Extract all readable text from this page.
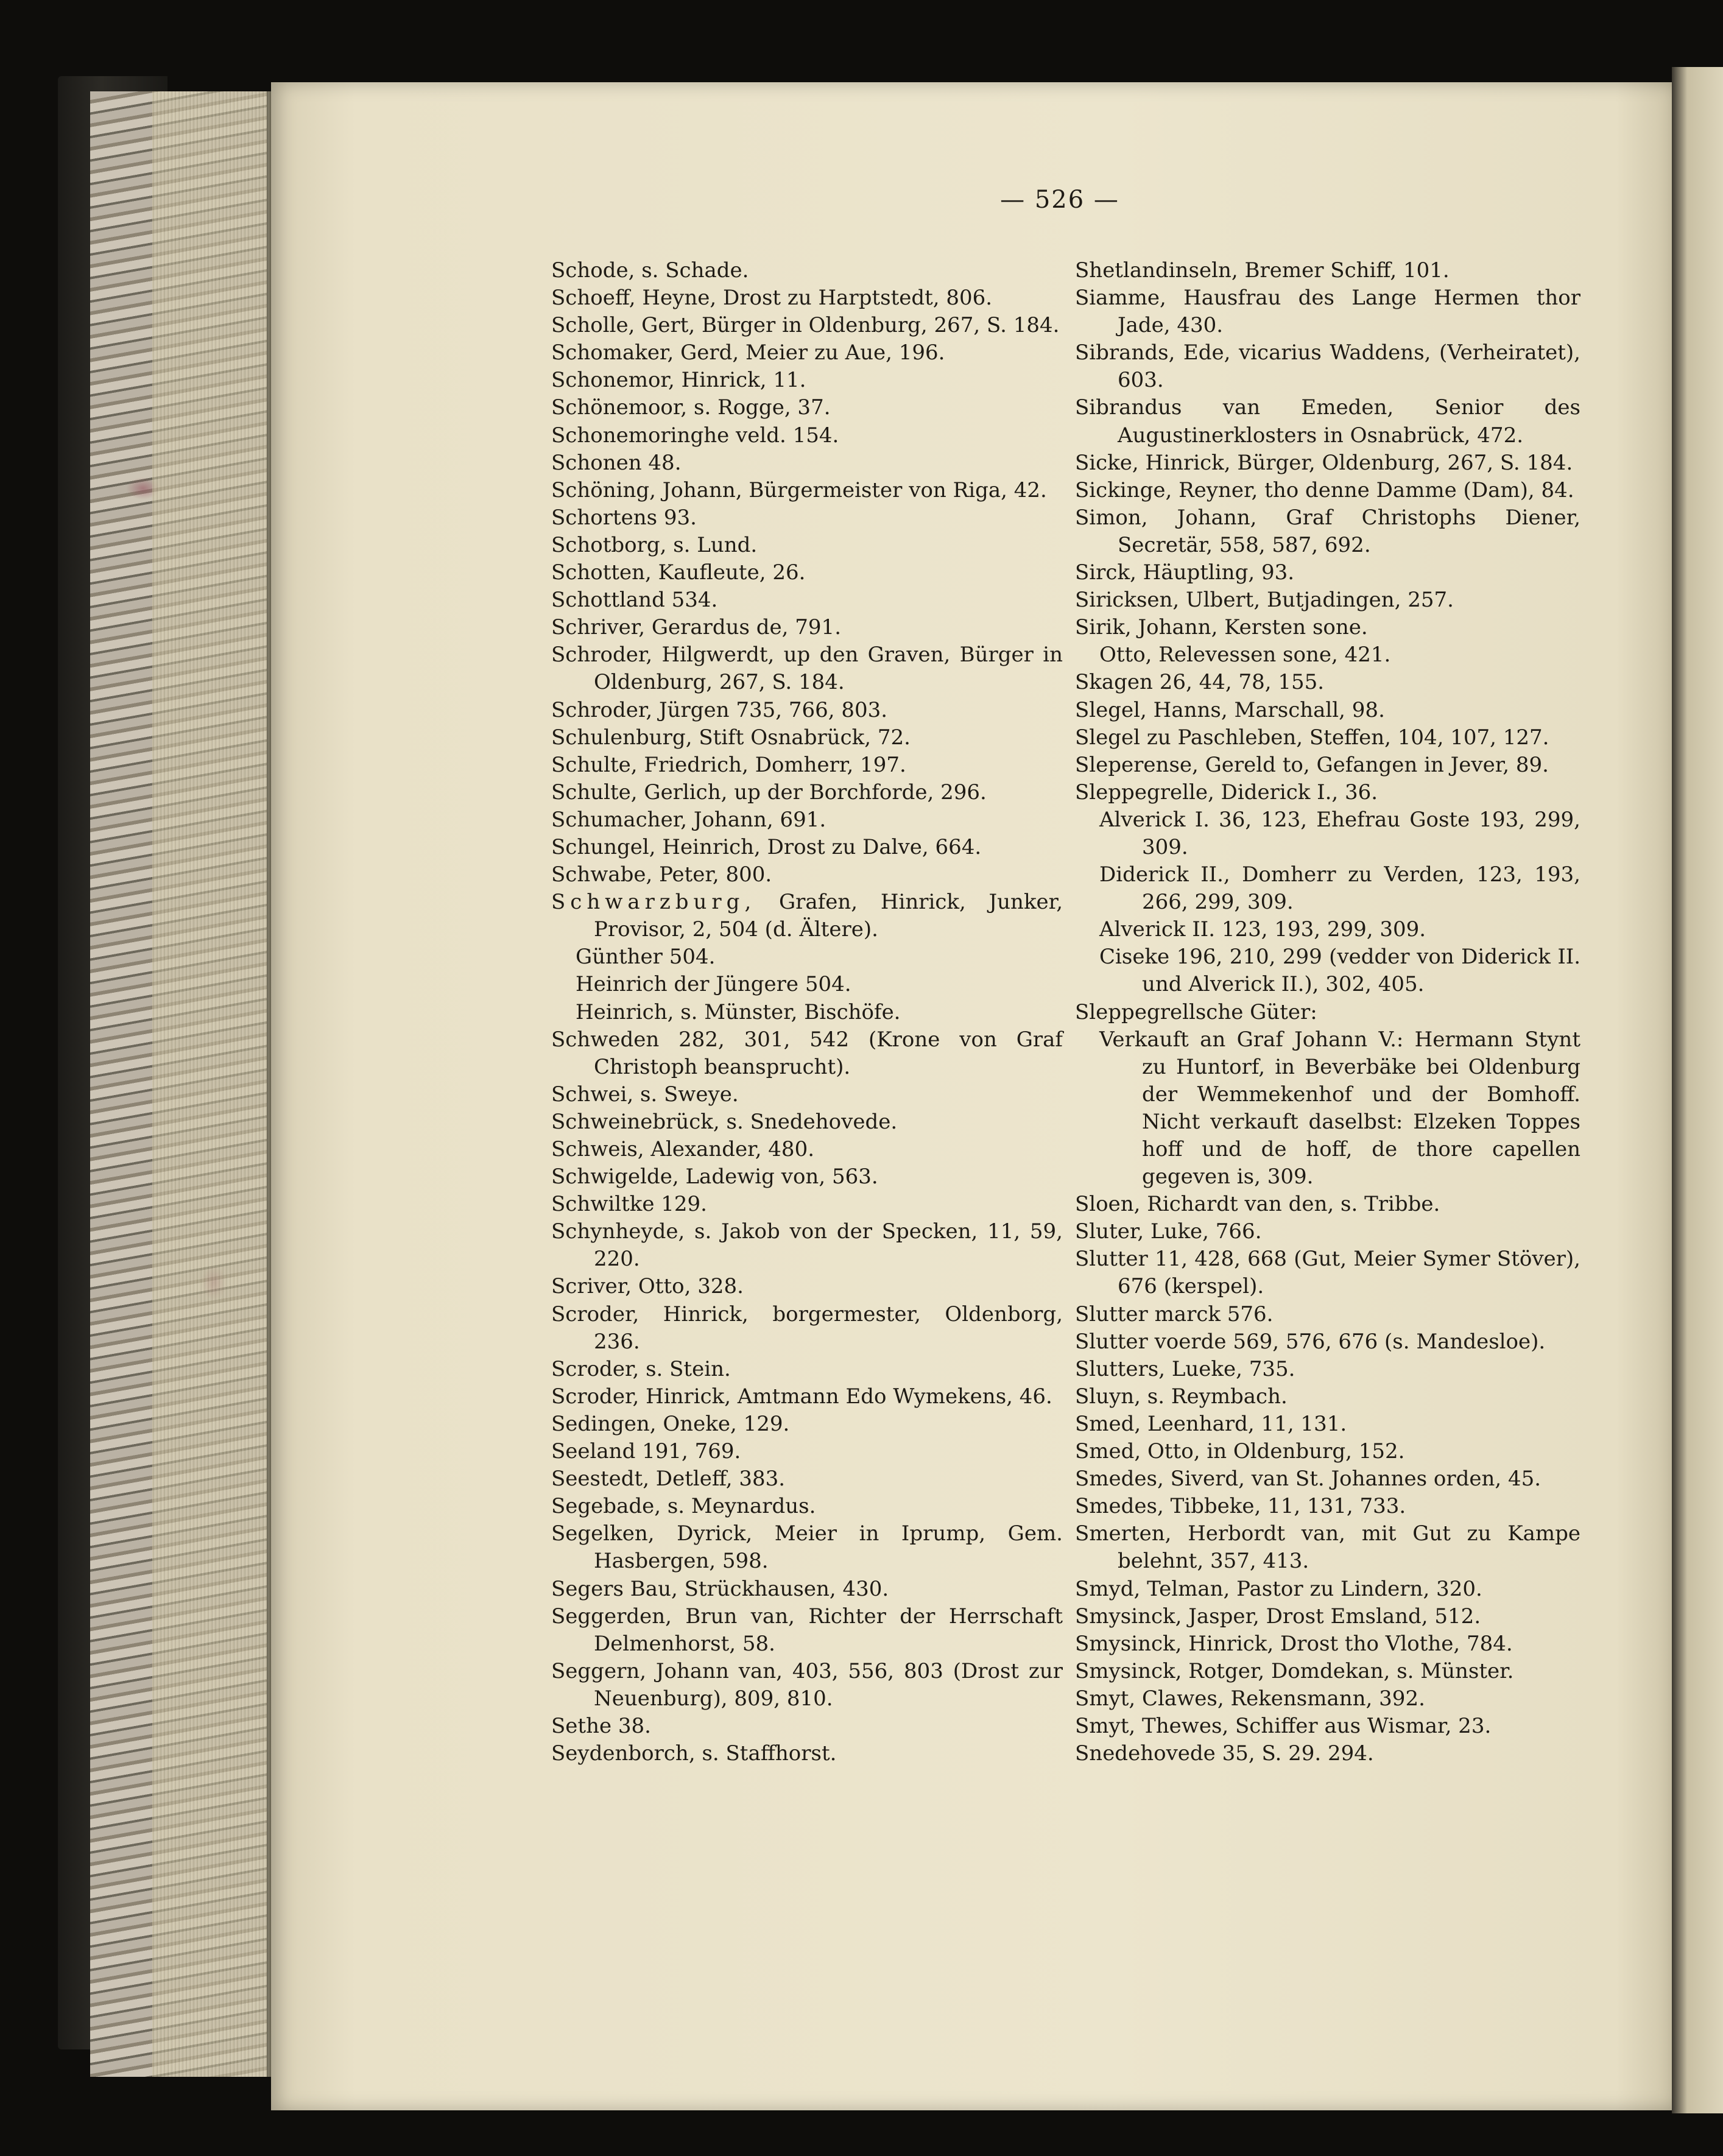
— 526 —
Schode, s. Schade.
Schoeff, Heyne, Drost zu Harptstedt, 806.
Scholle, Gert, Bürger in Oldenburg, 267, S. 184.
Schomaker, Gerd, Meier zu Aue, 196.
Schonemor, Hinrick, 11.
Schönemoor, s. Rogge, 37.
Schonemoringhe veld. 154.
Schonen 48.
Schöning, Johann, Bürgermeister von Riga, 42.
Schortens 93.
Schotborg, s. Lund.
Schotten, Kaufleute, 26.
Schottland 534.
Schriver, Gerardus de, 791.
Schroder, Hilgwerdt, up den Graven, Bürger in Oldenburg, 267, S. 184.
Schroder, Jürgen 735, 766, 803.
Schulenburg, Stift Osnabrück, 72.
Schulte, Friedrich, Domherr, 197.
Schulte, Gerlich, up der Borchforde, 296.
Schumacher, Johann, 691.
Schungel, Heinrich, Drost zu Dalve, 664.
Schwabe, Peter, 800.
Schwarzburg, Grafen, Hinrick, Junker, Provisor, 2, 504 (d. Ältere).
Günther 504.
Heinrich der Jüngere 504.
Heinrich, s. Münster, Bischöfe.
Schweden 282, 301, 542 (Krone von Graf Christoph beansprucht).
Schwei, s. Sweye.
Schweinebrück, s. Snedehovede.
Schweis, Alexander, 480.
Schwigelde, Ladewig von, 563.
Schwiltke 129.
Schynheyde, s. Jakob von der Specken, 11, 59, 220.
Scriver, Otto, 328.
Scroder, Hinrick, borgermester, Oldenborg, 236.
Scroder, s. Stein.
Scroder, Hinrick, Amtmann Edo Wymekens, 46.
Sedingen, Oneke, 129.
Seeland 191, 769.
Seestedt, Detleff, 383.
Segebade, s. Meynardus.
Segelken, Dyrick, Meier in Iprump, Gem. Hasbergen, 598.
Segers Bau, Strückhausen, 430.
Seggerden, Brun van, Richter der Herrschaft Delmenhorst, 58.
Seggern, Johann van, 403, 556, 803 (Drost zur Neuenburg), 809, 810.
Sethe 38.
Seydenborch, s. Staffhorst.
Shetlandinseln, Bremer Schiff, 101.
Siamme, Hausfrau des Lange Hermen thor Jade, 430.
Sibrands, Ede, vicarius Waddens, (Verheiratet), 603.
Sibrandus van Emeden, Senior des Augustinerklosters in Osnabrück, 472.
Sicke, Hinrick, Bürger, Oldenburg, 267, S. 184.
Sickinge, Reyner, tho denne Damme (Dam), 84.
Simon, Johann, Graf Christophs Diener, Secretär, 558, 587, 692.
Sirck, Häuptling, 93.
Siricksen, Ulbert, Butjadingen, 257.
Sirik, Johann, Kersten sone.
Otto, Relevessen sone, 421.
Skagen 26, 44, 78, 155.
Slegel, Hanns, Marschall, 98.
Slegel zu Paschleben, Steffen, 104, 107, 127.
Sleperense, Gereld to, Gefangen in Jever, 89.
Sleppegrelle, Diderick I., 36.
Alverick I. 36, 123, Ehefrau Goste 193, 299, 309.
Diderick II., Domherr zu Verden, 123, 193, 266, 299, 309.
Alverick II. 123, 193, 299, 309.
Ciseke 196, 210, 299 (vedder von Diderick II. und Alverick II.), 302, 405.
Sleppegrellsche Güter:
Verkauft an Graf Johann V.: Hermann Stynt zu Huntorf, in Beverbäke bei Oldenburg der Wemmekenhof und der Bomhoff. Nicht verkauft daselbst: Elzeken Toppes hoff und de hoff, de thore capellen gegeven is, 309.
Sloen, Richardt van den, s. Tribbe.
Sluter, Luke, 766.
Slutter 11, 428, 668 (Gut, Meier Symer Stöver), 676 (kerspel).
Slutter marck 576.
Slutter voerde 569, 576, 676 (s. Mandesloe).
Slutters, Lueke, 735.
Sluyn, s. Reymbach.
Smed, Leenhard, 11, 131.
Smed, Otto, in Oldenburg, 152.
Smedes, Siverd, van St. Johannes orden, 45.
Smedes, Tibbeke, 11, 131, 733.
Smerten, Herbordt van, mit Gut zu Kampe belehnt, 357, 413.
Smyd, Telman, Pastor zu Lindern, 320.
Smysinck, Jasper, Drost Emsland, 512.
Smysinck, Hinrick, Drost tho Vlothe, 784.
Smysinck, Rotger, Domdekan, s. Münster.
Smyt, Clawes, Rekensmann, 392.
Smyt, Thewes, Schiffer aus Wismar, 23.
Snedehovede 35, S. 29. 294.
